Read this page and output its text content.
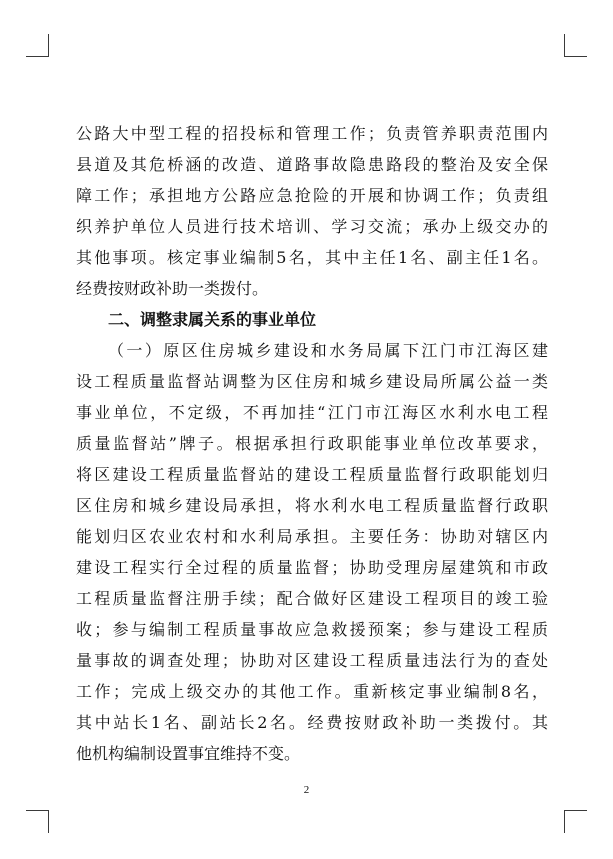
公路大中型工程的招投标和管理工作；负责管养职责范围内
县道及其危桥涵的改造、道路事故隐患路段的整治及安全保
障工作；承担地方公路应急抢险的开展和协调工作；负责组
织养护单位人员进行技术培训、学习交流；承办上级交办的
其他事项。核定事业编制5名，其中主任1名、副主任1名。
经费按财政补助一类拨付。
二、调整隶属关系的事业单位
（一）原区住房城乡建设和水务局属下江门市江海区建
设工程质量监督站调整为区住房和城乡建设局所属公益一类
事业单位，不定级，不再加挂“江门市江海区水利水电工程
质量监督站”牌子。根据承担行政职能事业单位改革要求，
将区建设工程质量监督站的建设工程质量监督行政职能划归
区住房和城乡建设局承担，将水利水电工程质量监督行政职
能划归区农业农村和水利局承担。主要任务：协助对辖区内
建设工程实行全过程的质量监督；协助受理房屋建筑和市政
工程质量监督注册手续；配合做好区建设工程项目的竣工验
收；参与编制工程质量事故应急救援预案；参与建设工程质
量事故的调查处理；协助对区建设工程质量违法行为的查处
工作；完成上级交办的其他工作。重新核定事业编制8名，
其中站长1名、副站长2名。经费按财政补助一类拨付。其
他机构编制设置事宜维持不变。
2
